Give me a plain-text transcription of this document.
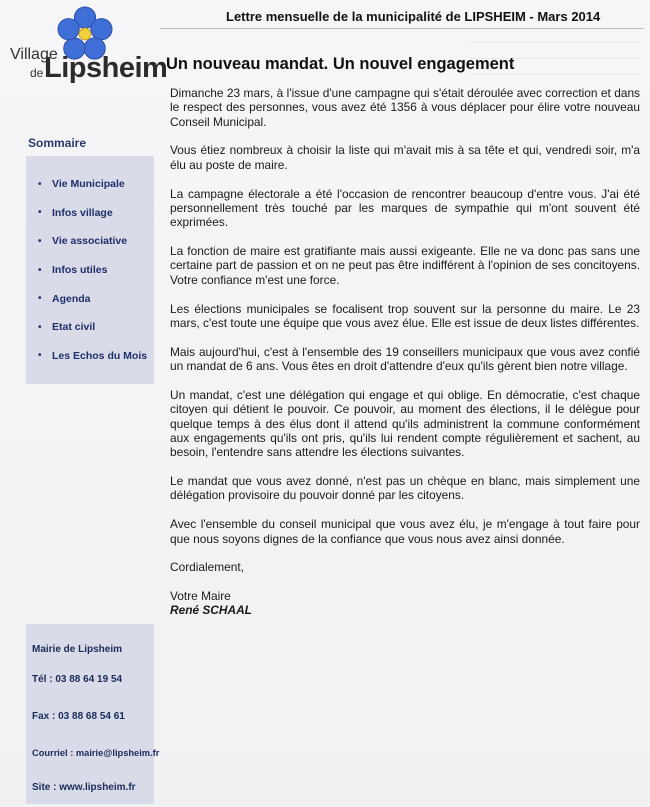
Village
de Lipsheim
Lettre mensuelle de la municipalité de LIPSHEIM - Mars 2014
Un nouveau mandat. Un nouvel engagement
Sommaire
• Vie Municipale
• Infos village
• Vie associative
• Infos utiles
• Agenda
• Etat civil
• Les Echos du Mois
Mairie de Lipsheim
Tél : 03 88 64 19 54
Fax : 03 88 68 54 61
Courriel : mairie@lipsheim.fr
Site : www.lipsheim.fr

Dimanche 23 mars, à l'issue d'une campagne qui s'était déroulée avec correction et dans le respect des personnes, vous avez été 1356 à vous déplacer pour élire votre nouveau Conseil Municipal.

Vous étiez nombreux à choisir la liste qui m'avait mis à sa tête et qui, vendredi soir, m'a élu au poste de maire.

La campagne électorale a été l'occasion de rencontrer beaucoup d'entre vous. J'ai été personnellement très touché par les marques de sympathie qui m'ont souvent été exprimées.

La fonction de maire est gratifiante mais aussi exigeante. Elle ne va donc pas sans une certaine part de passion et on ne peut pas être indifférent à l'opinion de ses concitoyens. Votre confiance m'est une force.

Les élections municipales se focalisent trop souvent sur la personne du maire. Le 23 mars, c'est toute une équipe que vous avez élue. Elle est issue de deux listes différentes.

Mais aujourd'hui, c'est à l'ensemble des 19 conseillers municipaux que vous avez confié un mandat de 6 ans. Vous êtes en droit d'attendre d'eux qu'ils gèrent bien notre village.

Un mandat, c'est une délégation qui engage et qui oblige. En démocratie, c'est chaque citoyen qui détient le pouvoir. Ce pouvoir, au moment des élections, il le délègue pour quelque temps à des élus dont il attend qu'ils administrent la commune conformément aux engagements qu'ils ont pris, qu'ils lui rendent compte régulièrement et sachent, au besoin, l'entendre sans attendre les élections suivantes.

Le mandat que vous avez donné, n'est pas un chèque en blanc, mais simplement une délégation provisoire du pouvoir donné par les citoyens.

Avec l'ensemble du conseil municipal que vous avez élu, je m'engage à tout faire pour que nous soyons dignes de la confiance que vous nous avez ainsi donnée.

Cordialement,

Votre Maire

René SCHAAL
